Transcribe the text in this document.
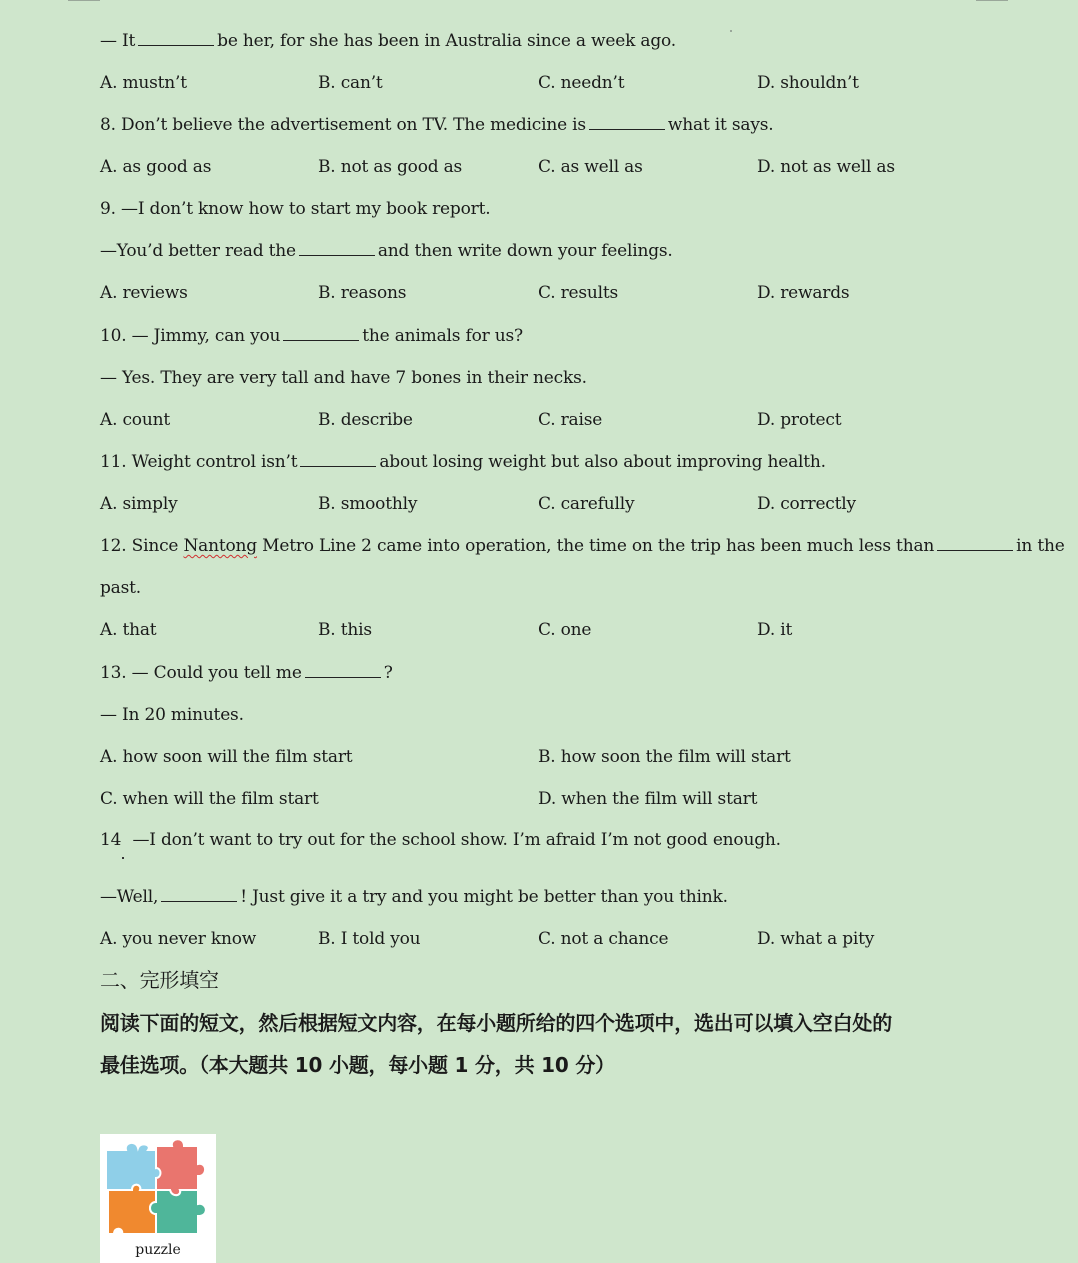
— It	be her, for she has been in Australia since a week ago.
A. mustn’t	B. can’t	C. needn’t	D. shouldn’t
8. Don’t believe the advertisement on TV. The medicine is	what it says.
A. as good as	B. not as good as	C. as well as	D. not as well as
9. —I don’t know how to start my book report.
—You’d better read the	and then write down your feelings.
A. reviews	B. reasons	C. results	D. rewards
10. — Jimmy, can you	the animals for us?
— Yes. They are very tall and have 7 bones in their necks.
A. count	B. describe	C. raise	D. protect
11. Weight control isn’t	about losing weight but also about improving health.
A. simply	B. smoothly	C. carefully	D. correctly
12. Since Nantong Metro Line 2 came into operation, the time on the trip has been much less than	in the
past.
A. that	B. this	C. one	D. it
13. — Could you tell me	?
— In 20 minutes.
A. how soon will the film start	B. how soon the film will start
C. when will the film start	D. when the film will start
14 —I don’t want to try out for the school show. I’m afraid I’m not good enough.
—Well,	! Just give it a try and you might be better than you think.
A. you never know	B. I told you	C. not a chance	D. what a pity
二、完形填空
阅读下面的短文，然后根据短文内容，在每小题所给的四个选项中，选出可以填入空白处的
最佳选项。（本大题共 10 小题，每小题 1 分，共 10 分）
puzzle
